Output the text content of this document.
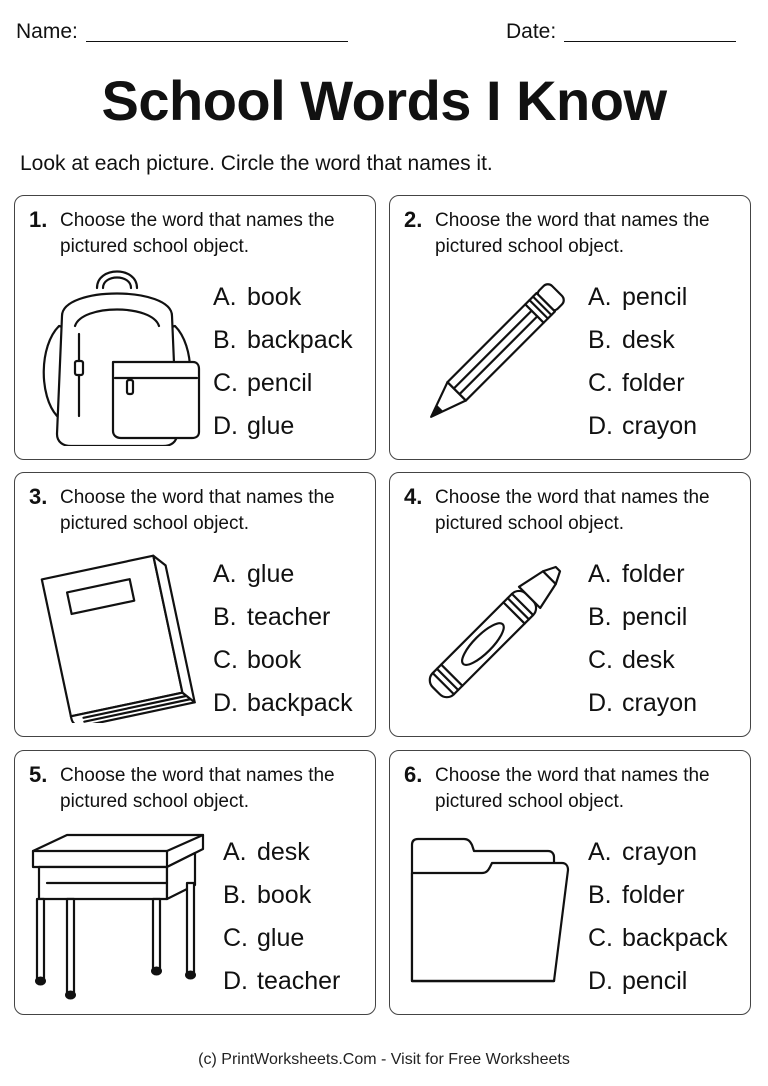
Name:	Date:
School Words I Know
Look at each picture. Circle the word that names it.
1. Choose the word that names the pictured school object.
A. book
B. backpack
C. pencil
D. glue
2. Choose the word that names the pictured school object.
A. pencil
B. desk
C. folder
D. crayon
3. Choose the word that names the pictured school object.
A. glue
B. teacher
C. book
D. backpack
4. Choose the word that names the pictured school object.
A. folder
B. pencil
C. desk
D. crayon
5. Choose the word that names the pictured school object.
A. desk
B. book
C. glue
D. teacher
6. Choose the word that names the pictured school object.
A. crayon
B. folder
C. backpack
D. pencil
(c) PrintWorksheets.Com - Visit for Free Worksheets
